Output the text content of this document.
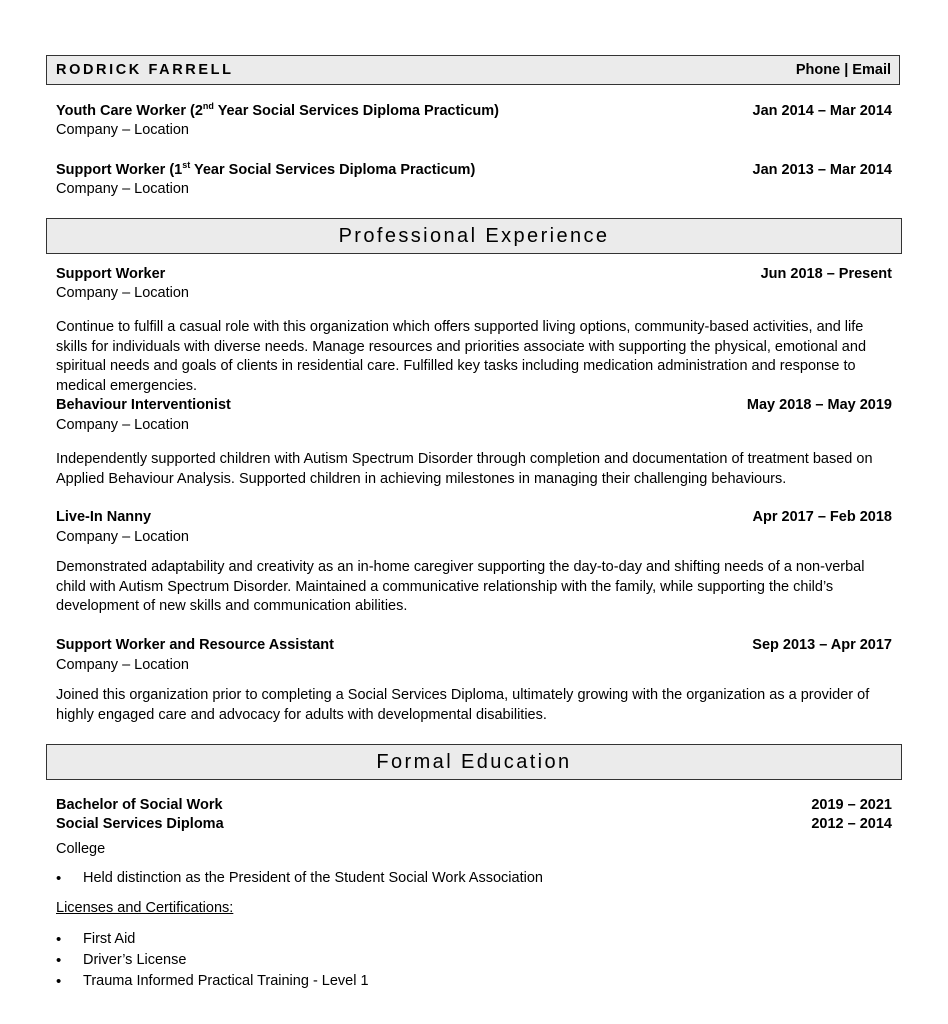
RODRICK FARRELL	Phone | Email
Youth Care Worker (2nd Year Social Services Diploma Practicum)	Jan 2014 – Mar 2014
Company – Location
Support Worker (1st Year Social Services Diploma Practicum)	Jan 2013 – Mar 2014
Company – Location
Professional Experience
Support Worker	Jun 2018 – Present
Company – Location
Continue to fulfill a casual role with this organization which offers supported living options, community-based activities, and life skills for individuals with diverse needs. Manage resources and priorities associate with supporting the physical, emotional and spiritual needs and goals of clients in residential care. Fulfilled key tasks including medication administration and response to medical emergencies.
Behaviour Interventionist	May 2018 – May 2019
Company – Location
Independently supported children with Autism Spectrum Disorder through completion and documentation of treatment based on Applied Behaviour Analysis. Supported children in achieving milestones in managing their challenging behaviours.
Live-In Nanny	Apr 2017 – Feb 2018
Company – Location
Demonstrated adaptability and creativity as an in-home caregiver supporting the day-to-day and shifting needs of a non-verbal child with Autism Spectrum Disorder. Maintained a communicative relationship with the family, while supporting the child’s development of new skills and communication abilities.
Support Worker and Resource Assistant	Sep 2013 – Apr 2017
Company – Location
Joined this organization prior to completing a Social Services Diploma, ultimately growing with the organization as a provider of highly engaged care and advocacy for adults with developmental disabilities.
Formal Education
Bachelor of Social Work	2019 – 2021
Social Services Diploma	2012 – 2014
College
• Held distinction as the President of the Student Social Work Association
Licenses and Certifications:
• First Aid
• Driver’s License
• Trauma Informed Practical Training - Level 1
